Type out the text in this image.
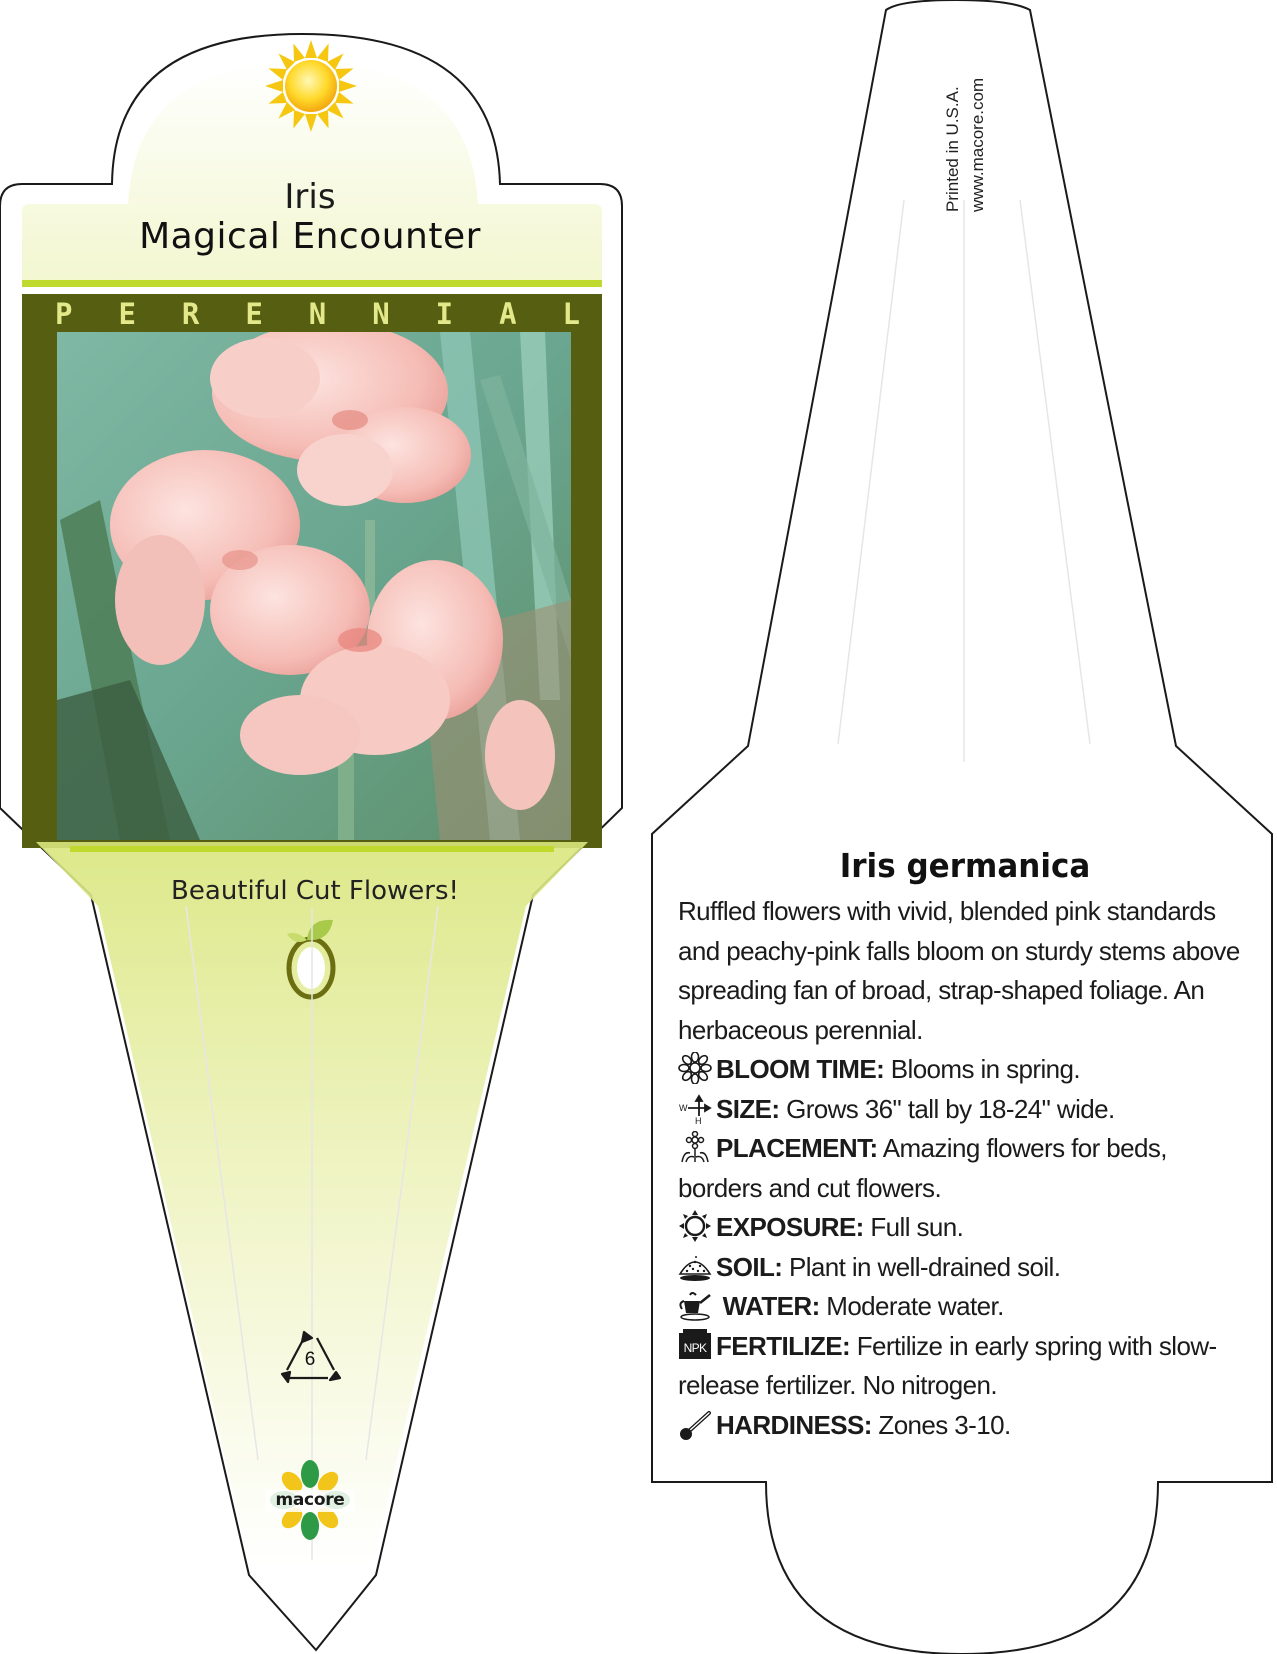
Iris
Magical Encounter
P E R E N N I A L
Beautiful Cut Flowers!
6
macore
Printed in U.S.A. www.macore.com
Iris germanica

Ruffled flowers with vivid, blended pink standards and peachy-pink falls bloom on sturdy stems above spreading fan of broad, strap-shaped foliage. An herbaceous perennial.

BLOOM TIME: Blooms in spring.
W
H SIZE: Grows 36" tall by 18-24" wide.
PLACEMENT: Amazing flowers for beds, borders and cut flowers.
EXPOSURE: Full sun.
SOIL: Plant in well-drained soil.
WATER: Moderate water.
NPK FERTILIZE: Fertilize in early spring with slow-release fertilizer. No nitrogen.
HARDINESS: Zones 3-10.
